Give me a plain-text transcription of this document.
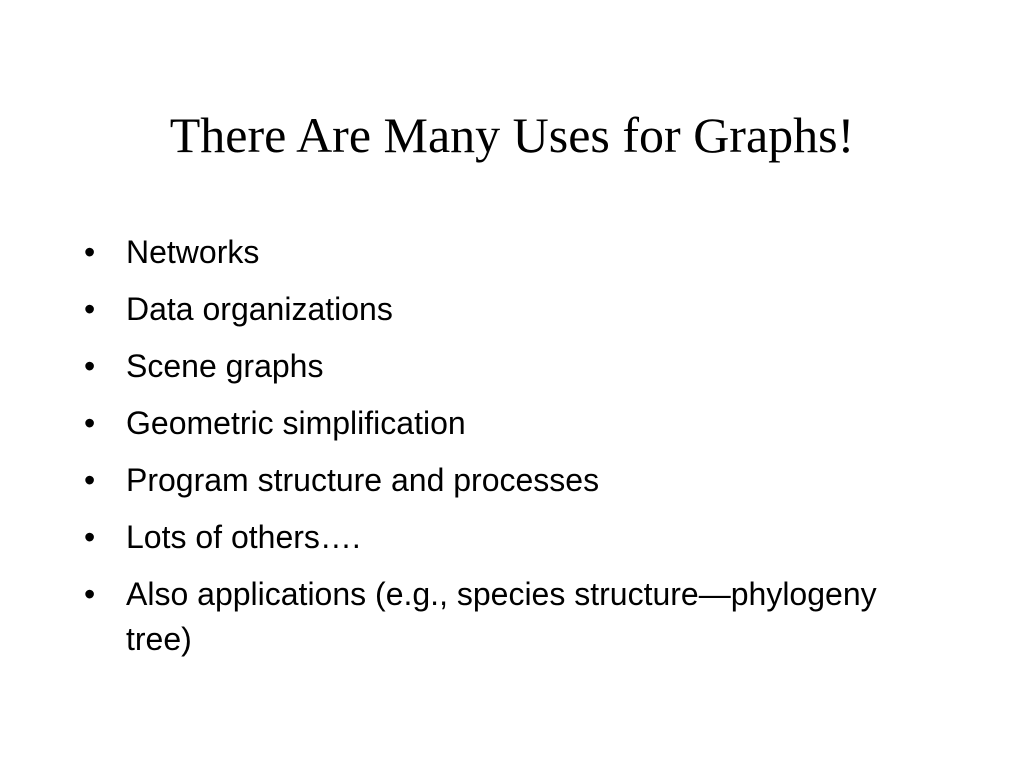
There Are Many Uses for Graphs!
• Networks
• Data organizations
• Scene graphs
• Geometric simplification
• Program structure and processes
• Lots of others….
• Also applications (e.g., species structure—phylogeny tree)
